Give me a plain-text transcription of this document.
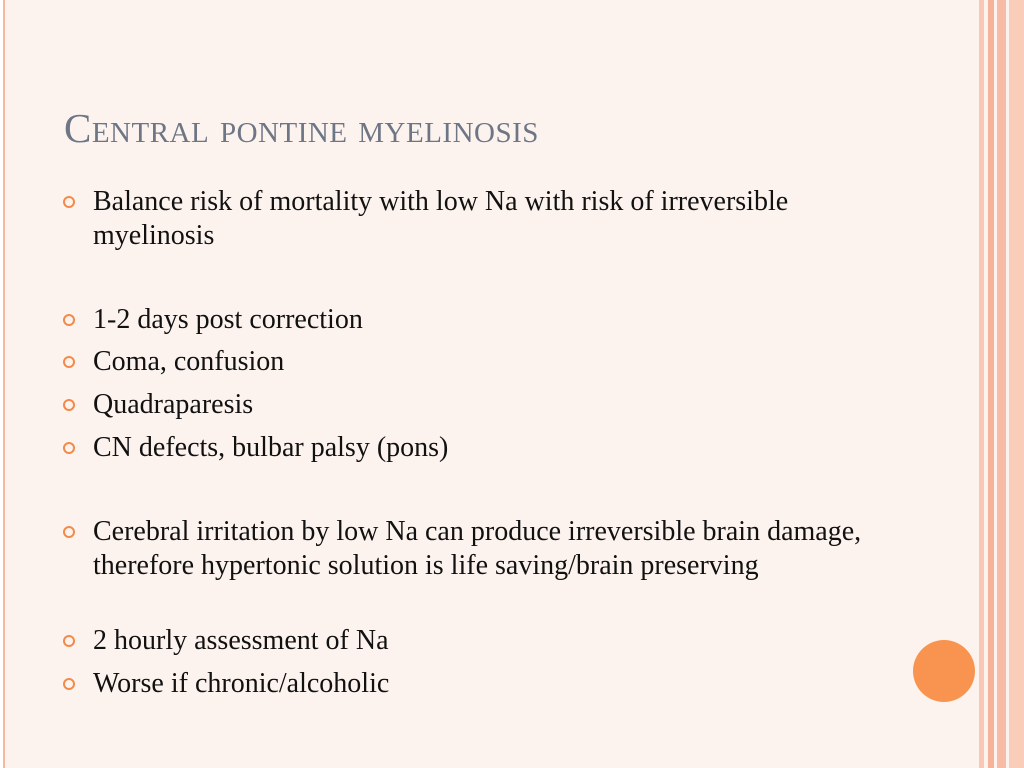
Central pontine myelinosis
Balance risk of mortality with low Na with risk of irreversible myelinosis
1-2 days post correction
Coma, confusion
Quadraparesis
CN defects, bulbar palsy (pons)
Cerebral irritation by low Na can produce irreversible brain damage, therefore hypertonic solution is life saving/brain preserving
2 hourly assessment of Na
Worse if chronic/alcoholic
